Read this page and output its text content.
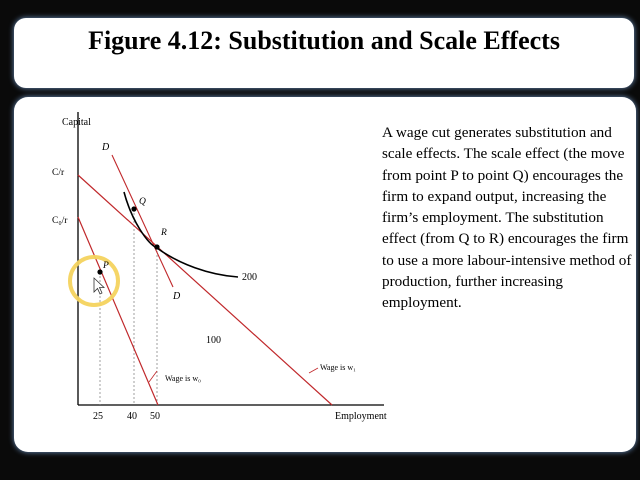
Figure 4.12: Substitution and Scale Effects
Capital
Employment
C/r
C₀/r
25 40 50
D
D
200
100
P
Q
R
Wage is w₀
Wage is w₁
A wage cut generates substitution and scale effects. The scale effect (the move from point P to point Q) encourages the firm to expand output, increasing the firm’s employment. The substitution effect (from Q to R) encourages the firm to use a more labour-intensive method of production, further increasing employment.
